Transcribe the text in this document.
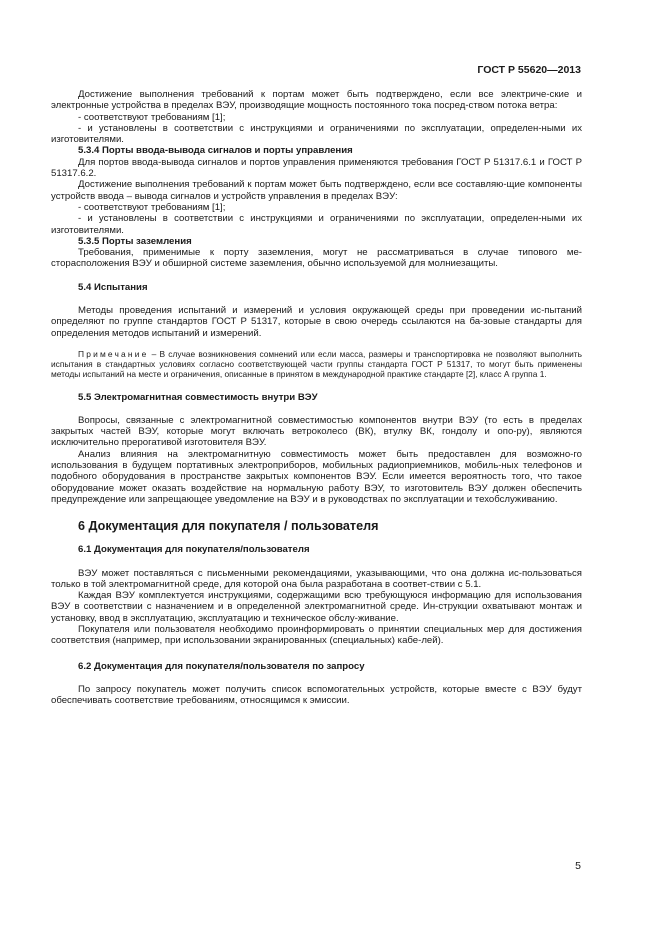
ГОСТ Р 55620—2013

Достижение выполнения требований к портам может быть подтверждено, если все электриче-ские и электронные устройства в пределах ВЭУ, производящие мощность постоянного тока посред-ством потока ветра:

- соответствуют требованиям [1];

- и установлены в соответствии с инструкциями и ограничениями по эксплуатации, определен-ными их изготовителями.

5.3.4 Порты ввода-вывода сигналов и порты управления

Для портов ввода-вывода сигналов и портов управления применяются требования ГОСТ Р 51317.6.1 и ГОСТ Р 51317.6.2.

Достижение выполнения требований к портам может быть подтверждено, если все составляю-щие компоненты устройств ввода – вывода сигналов и устройств управления в пределах ВЭУ:

- соответствуют требованиям [1];

- и установлены в соответствии с инструкциями и ограничениями по эксплуатации, определен-ными их изготовителями.

5.3.5 Порты заземления

Требования, применимые к порту заземления, могут не рассматриваться в случае типового ме-сторасположения ВЭУ и обширной системе заземления, обычно используемой для молниезащиты.

5.4 Испытания

Методы проведения испытаний и измерений и условия окружающей среды при проведении ис-пытаний определяют по группе стандартов ГОСТ Р 51317, которые в свою очередь ссылаются на ба-зовые стандарты для определения методов испытаний и измерений.

Примечание – В случае возникновения сомнений или если масса, размеры и транспортировка не позволяют выполнить испытания в стандартных условиях согласно соответствующей части группы стандарта ГОСТ Р 51317, то могут быть применены методы испытаний на месте и ограничения, описанные в принятом в международной практике стандарте [2], класс А группа 1.

5.5 Электромагнитная совместимость внутри ВЭУ

Вопросы, связанные с электромагнитной совместимостью компонентов внутри ВЭУ (то есть в пределах закрытых частей ВЭУ, которые могут включать ветроколесо (ВК), втулку ВК, гондолу и опо-ру), являются исключительно прерогативой изготовителя ВЭУ.

Анализ влияния на электромагнитную совместимость может быть предоставлен для возможно-го использования в будущем портативных электроприборов, мобильных радиоприемников, мобиль-ных телефонов и подобного оборудования в пространстве закрытых компонентов ВЭУ. Если имеется вероятность того, что такое оборудование может оказать воздействие на нормальную работу ВЭУ, то изготовитель ВЭУ должен обеспечить предупреждение или запрещающее уведомление на ВЭУ и в руководствах по эксплуатации и техобслуживанию.

6 Документация для покупателя / пользователя

6.1 Документация для покупателя/пользователя

ВЭУ может поставляться с письменными рекомендациями, указывающими, что она должна ис-пользоваться только в той электромагнитной среде, для которой она была разработана в соответ-ствии с 5.1.

Каждая ВЭУ комплектуется инструкциями, содержащими всю требующуюся информацию для использования ВЭУ в соответствии с назначением и в определенной электромагнитной среде. Ин-струкции охватывают монтаж и установку, ввод в эксплуатацию, эксплуатацию и техническое обслу-живание.

Покупателя или пользователя необходимо проинформировать о принятии специальных мер для достижения соответствия (например, при использовании экранированных (специальных) кабе-лей).

6.2 Документация для покупателя/пользователя по запросу

По запросу покупатель может получить список вспомогательных устройств, которые вместе с ВЭУ будут обеспечивать соответствие требованиям, относящимся к эмиссии.

5
